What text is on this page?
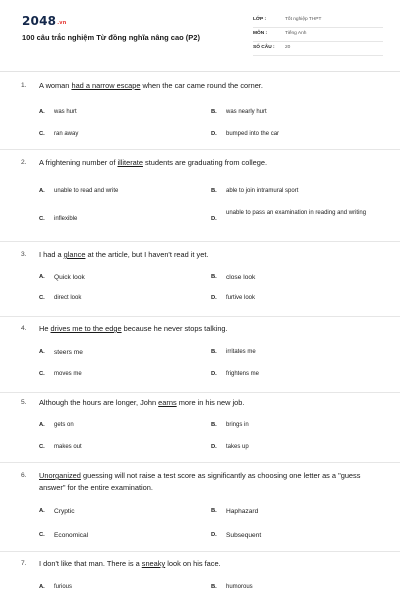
2048.vn
100 câu trắc nghiệm Từ đồng nghĩa nâng cao (P2)
LỚP :	Tốt nghiệp THPT
MÔN :	Tiếng Anh
SỐ CÂU : 20
1. A woman had a narrow escape when the car came round the corner.
A. was hurt	B. was nearly hurt
C. ran away	D. bumped into the car
2. A frightening number of illiterate students are graduating from college.
A. unable to read and write	B. able to join intramural sport
C. inflexible	D.
unable to pass an examination in reading and writing
3. I had a glance at the article, but I haven't read it yet.
A. Quick look	B. close look
C. direct look	D. furtive look
4. He drives me to the edge because he never stops talking.
A. steers me	B. irritates me
C. moves me	D. frightens me
5. Although the hours are longer, John earns more in his new job.
A. gets on	B. brings in
C. makes out	D. takes up
6. Unorganized guessing will not raise a test score as significantly as choosing one letter as a "guess answer" for the entire examination.
A. Cryptic	B. Haphazard
C. Economical	D. Subsequent
7. I don't like that man. There is a sneaky look on his face.
A. furious	B. humorous
